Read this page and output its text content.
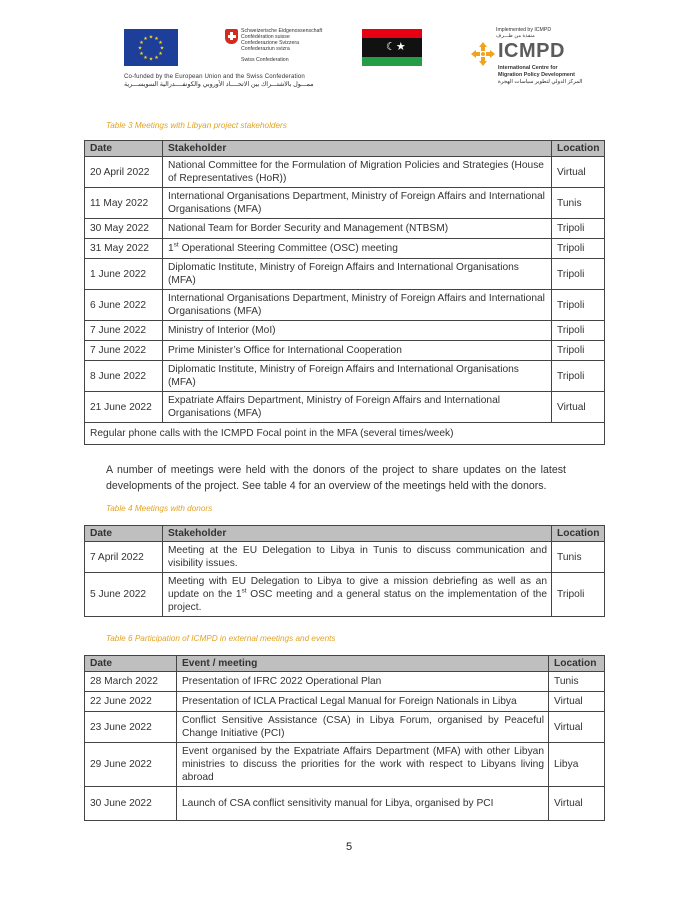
★ ★
★
★
★
★
★
★
★
★
★
★
Schweizerische Eidgenossenschaft
Confédération suisse
Confederazione Svizzera
Confederaziun svizra
Swiss Confederation
Co-funded by the European Union and the Swiss Confederation
ممـــول بالاشتـــراك بين الاتحــــاد الأوروبي والكونفــــدرالية السويســـرية
☾★
Implemented by ICMPD
منفذة من طـــرف
ICMPD
International Centre for
Migration Policy Development
المركز الدولي لتطوير سياسات الهجرة
Table 3 Meetings with Libyan project stakeholders
Date	Stakeholder	Location
20 April 2022	National Committee for the Formulation of Migration Policies and Strategies (House of Representatives (HoR))	Virtual
11 May 2022	International Organisations Department, Ministry of Foreign Affairs and International Organisations (MFA)	Tunis
30 May 2022	National Team for Border Security and Management (NTBSM)	Tripoli
31 May 2022	1st Operational Steering Committee (OSC) meeting	Tripoli
1 June 2022	Diplomatic Institute, Ministry of Foreign Affairs and International Organisations (MFA)	Tripoli
6 June 2022	International Organisations Department, Ministry of Foreign Affairs and International Organisations (MFA)	Tripoli
7 June 2022	Ministry of Interior (MoI)	Tripoli
7 June 2022	Prime Minister’s Office for International Cooperation	Tripoli
8 June 2022	Diplomatic Institute, Ministry of Foreign Affairs and International Organisations (MFA)	Tripoli
21 June 2022	Expatriate Affairs Department, Ministry of Foreign Affairs and International Organisations (MFA)	Virtual
Regular phone calls with the ICMPD Focal point in the MFA (several times/week)		
A number of meetings were held with the donors of the project to share updates on the latest developments of the project. See table 4 for an overview of the meetings held with the donors.
Table 4 Meetings with donors
Date	Stakeholder	Location
7 April 2022	Meeting at the EU Delegation to Libya in Tunis to discuss communication and visibility issues.	Tunis
5 June 2022	Meeting with EU Delegation to Libya to give a mission debriefing as well as an update on the 1st OSC meeting and a general status on the implementation of the project.	Tripoli
Table 6 Participation of ICMPD in external meetings and events
Date	Event / meeting	Location
28 March 2022	Presentation of IFRC 2022 Operational Plan	Tunis
22 June 2022	Presentation of ICLA Practical Legal Manual for Foreign Nationals in Libya	Virtual
23 June 2022	Conflict Sensitive Assistance (CSA) in Libya Forum, organised by Peaceful Change Initiative (PCI)	Virtual
29 June 2022	Event organised by the Expatriate Affairs Department (MFA) with other Libyan ministries to discuss the priorities for the work with respect to Libyans living abroad	Libya
30 June 2022	Launch of CSA conflict sensitivity manual for Libya, organised by PCI	Virtual
5
